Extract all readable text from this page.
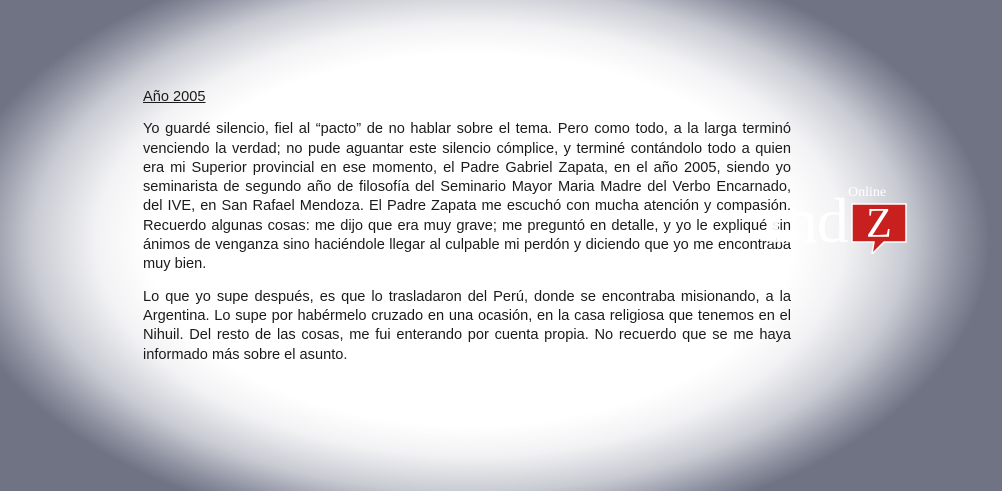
Año 2005

Yo guardé silencio, fiel al “pacto” de no hablar sobre el tema. Pero como todo, a la larga terminó venciendo la verdad; no pude aguantar este silencio cómplice, y terminé contándolo todo a quien era mi Superior provincial en ese momento, el Padre Gabriel Zapata, en el año 2005, siendo yo seminarista de segundo año de filosofía del Seminario Mayor Maria Madre del Verbo Encarnado, del IVE, en San Rafael Mendoza. El Padre Zapata me escuchó con mucha atención y compasión. Recuerdo algunas cosas: me dijo que era muy grave; me preguntó en detalle, y yo le expliqué sin ánimos de venganza sino haciéndole llegar al culpable mi perdón y diciendo que yo me encontraba muy bien.

Lo que yo supe después, es que lo trasladaron del Perú, donde se encontraba misionando, a la Argentina. Lo supe por habérmelo cruzado en una ocasión, en la casa religiosa que tenemos en el Nihuil. Del resto de las cosas, me fui enterando por cuenta propia. No recuerdo que se me haya informado más sobre el asunto.

md Z
Online
